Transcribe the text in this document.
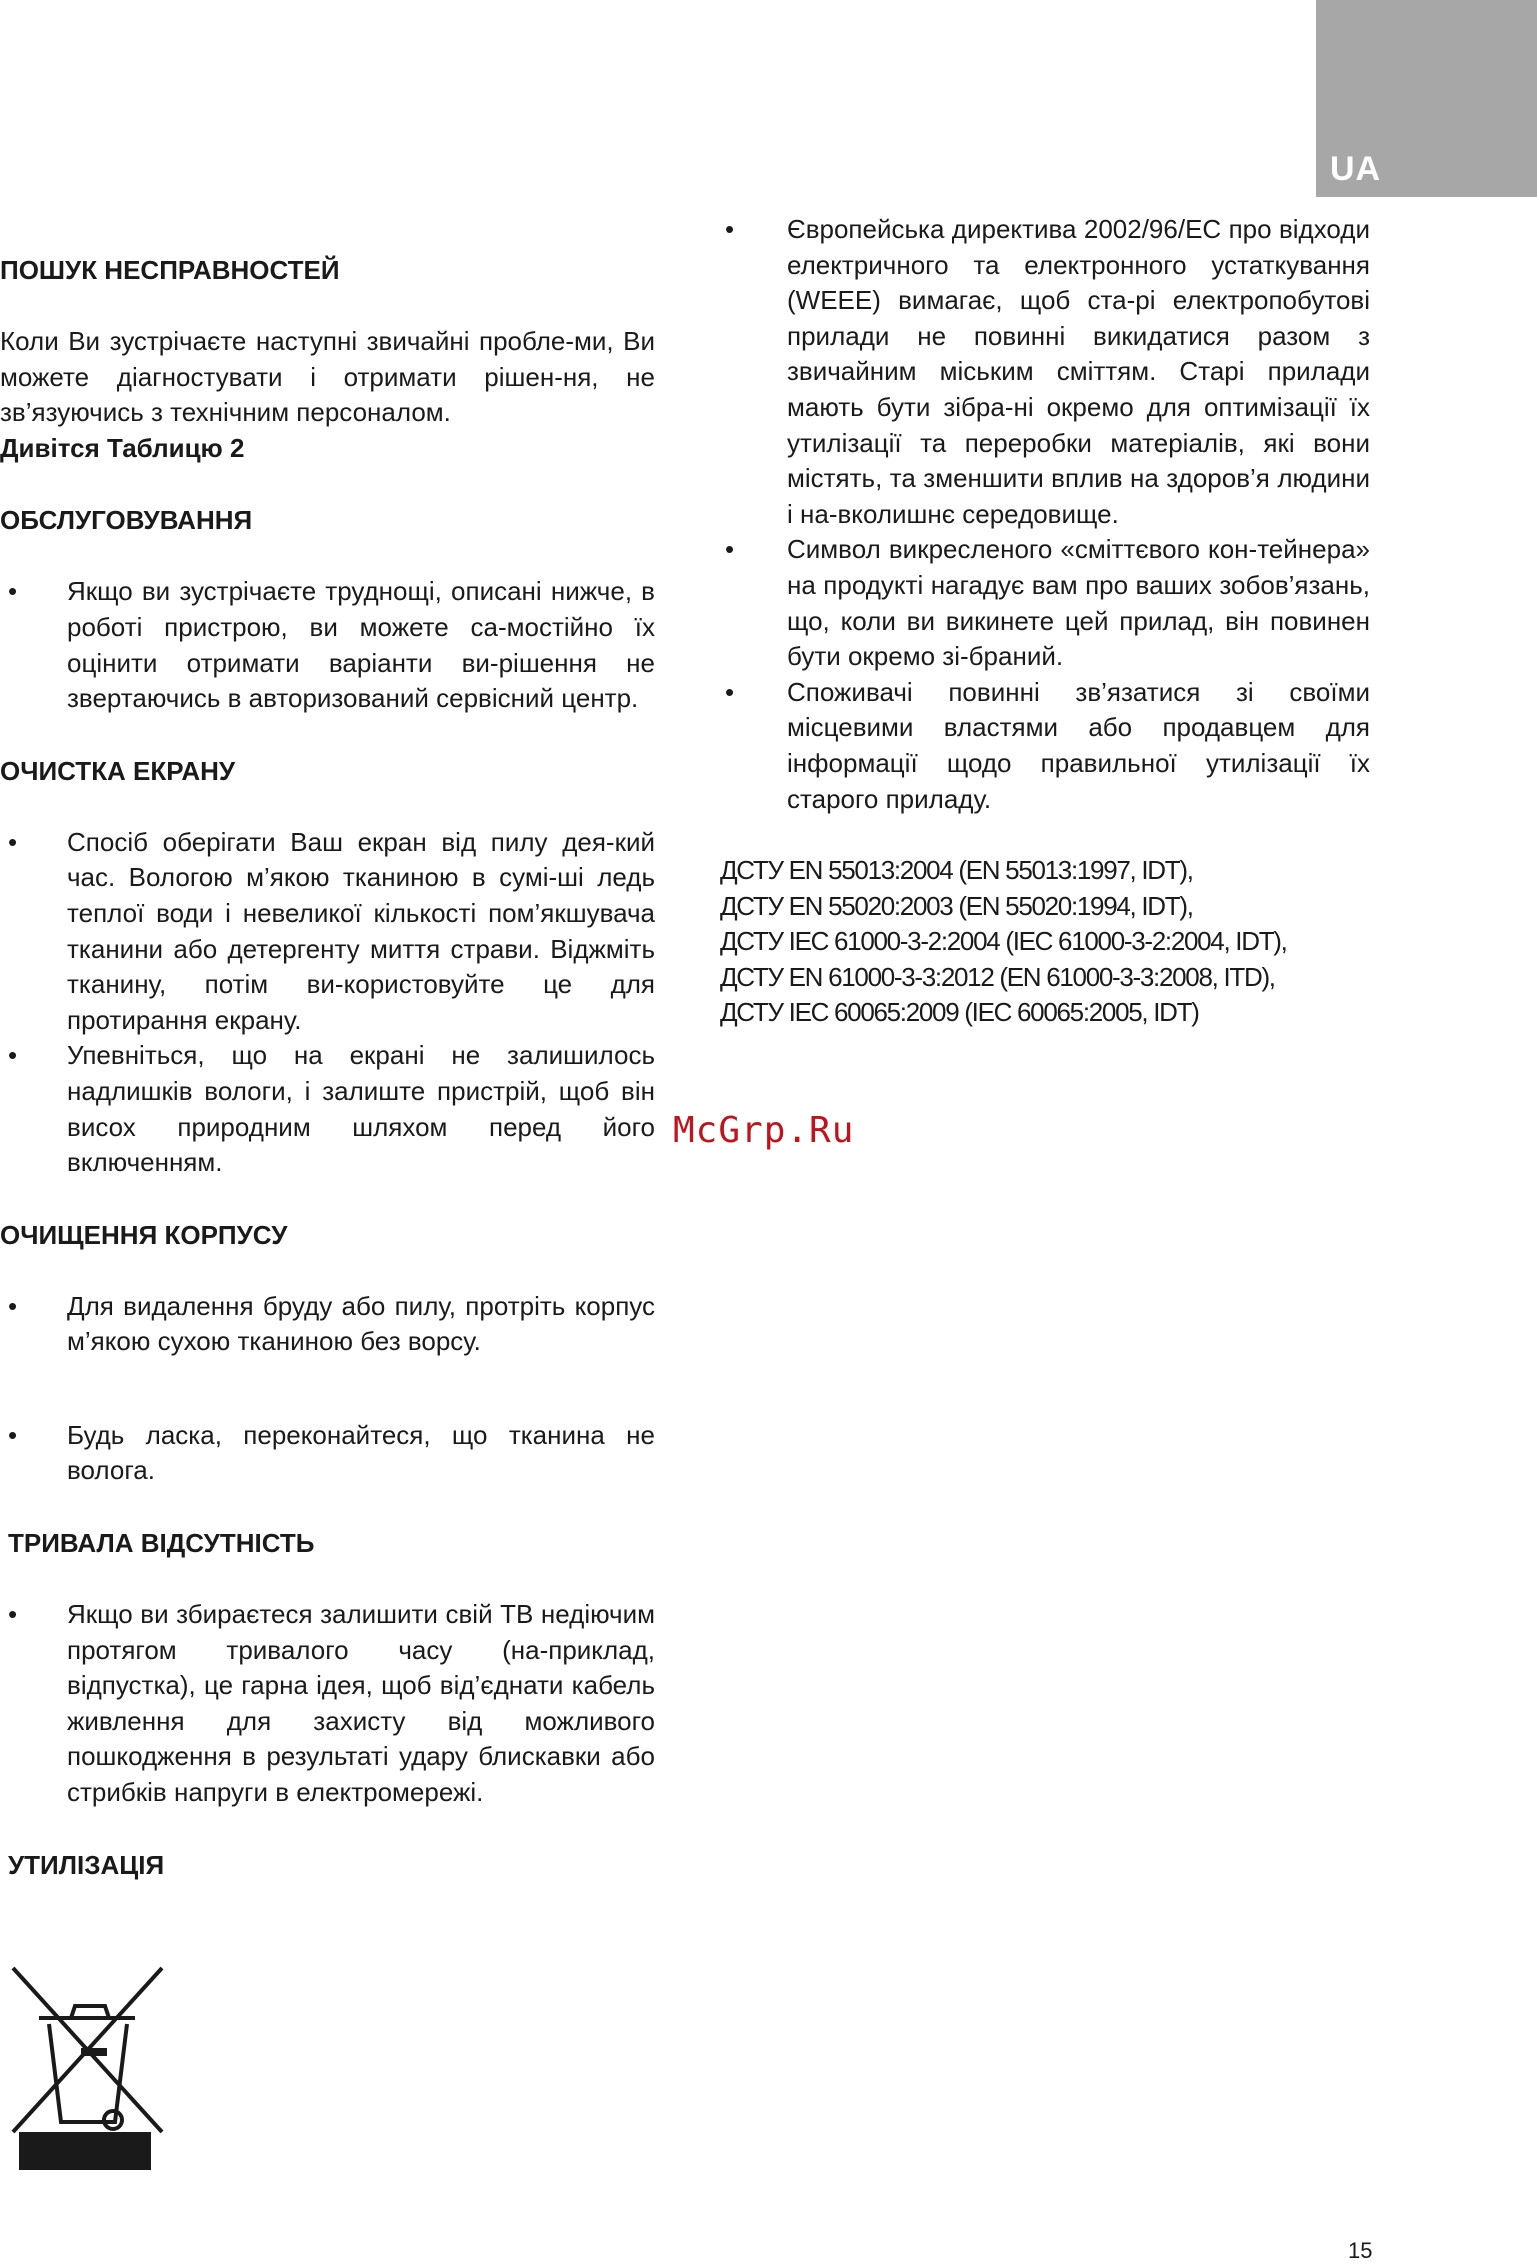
UA
ПОШУК НЕСПРАВНОСТЕЙ

Коли Ви зустрічаєте наступні звичайні пробле-ми, Ви можете діагностувати і отримати рішен-ня, не зв’язуючись з технічним персоналом.

Дивітся Таблицю 2

ОБСЛУГОВУВАННЯ
• Якщо ви зустрічаєте труднощі, описані нижче, в роботі пристрою, ви можете са-мостійно їх оцінити отримати варіанти ви-рішення не звертаючись в авторизований сервісний центр.
ОЧИСТКА ЕКРАНУ
• Спосіб оберігати Ваш екран від пилу дея-кий час. Вологою м’якою тканиною в сумі-ші ледь теплої води і невеликої кількості пом’якшувача тканини або детергенту миття страви. Віджміть тканину, потім ви-користовуйте це для протирання екрану.
• Упевніться, що на екрані не залишилось надлишків вологи, і залиште пристрій, щоб він висох природним шляхом перед його включенням.
ОЧИЩЕННЯ КОРПУСУ
• Для видалення бруду або пилу, протріть корпус м’якою сухою тканиною без ворсу.
• Будь ласка, переконайтеся, що тканина не волога.
ТРИВАЛА ВІДСУТНІСТЬ
• Якщо ви збираєтеся залишити свій ТВ недіючим протягом тривалого часу (на-приклад, відпустка), це гарна ідея, щоб від’єднати кабель живлення для захисту від можливого пошкодження в результаті удару блискавки або стрибків напруги в електромережі.
УТИЛІЗАЦІЯ
• Європейська директива 2002/96/ЕС про відходи електричного та електронного устаткування (WEEE) вимагає, щоб ста-рі електропобутові прилади не повинні викидатися разом з звичайним міським сміттям. Старі прилади мають бути зібра-ні окремо для оптимізації їх утилізації та переробки матеріалів, які вони містять, та зменшити вплив на здоров’я людини і на-вколишнє середовище.
• Символ викресленого «сміттєвого кон-тейнера» на продукті нагадує вам про ваших зобов’язань, що, коли ви викинете цей прилад, він повинен бути окремо зі-браний.
• Споживачі повинні зв’язатися зі своїми місцевими властями або продавцем для інформації щодо правильної утилізації їх старого приладу.
ДСТУ EN 55013:2004 (EN 55013:1997, IDT),
ДСТУ EN 55020:2003 (EN 55020:1994, IDT),
ДСТУ IEC 61000-3-2:2004 (IEC 61000-3-2:2004, IDT),
ДСТУ EN 61000-3-3:2012 (EN 61000-3-3:2008, ITD),
ДСТУ IEC 60065:2009 (IEC 60065:2005, IDT)
McGrp.Ru
15
